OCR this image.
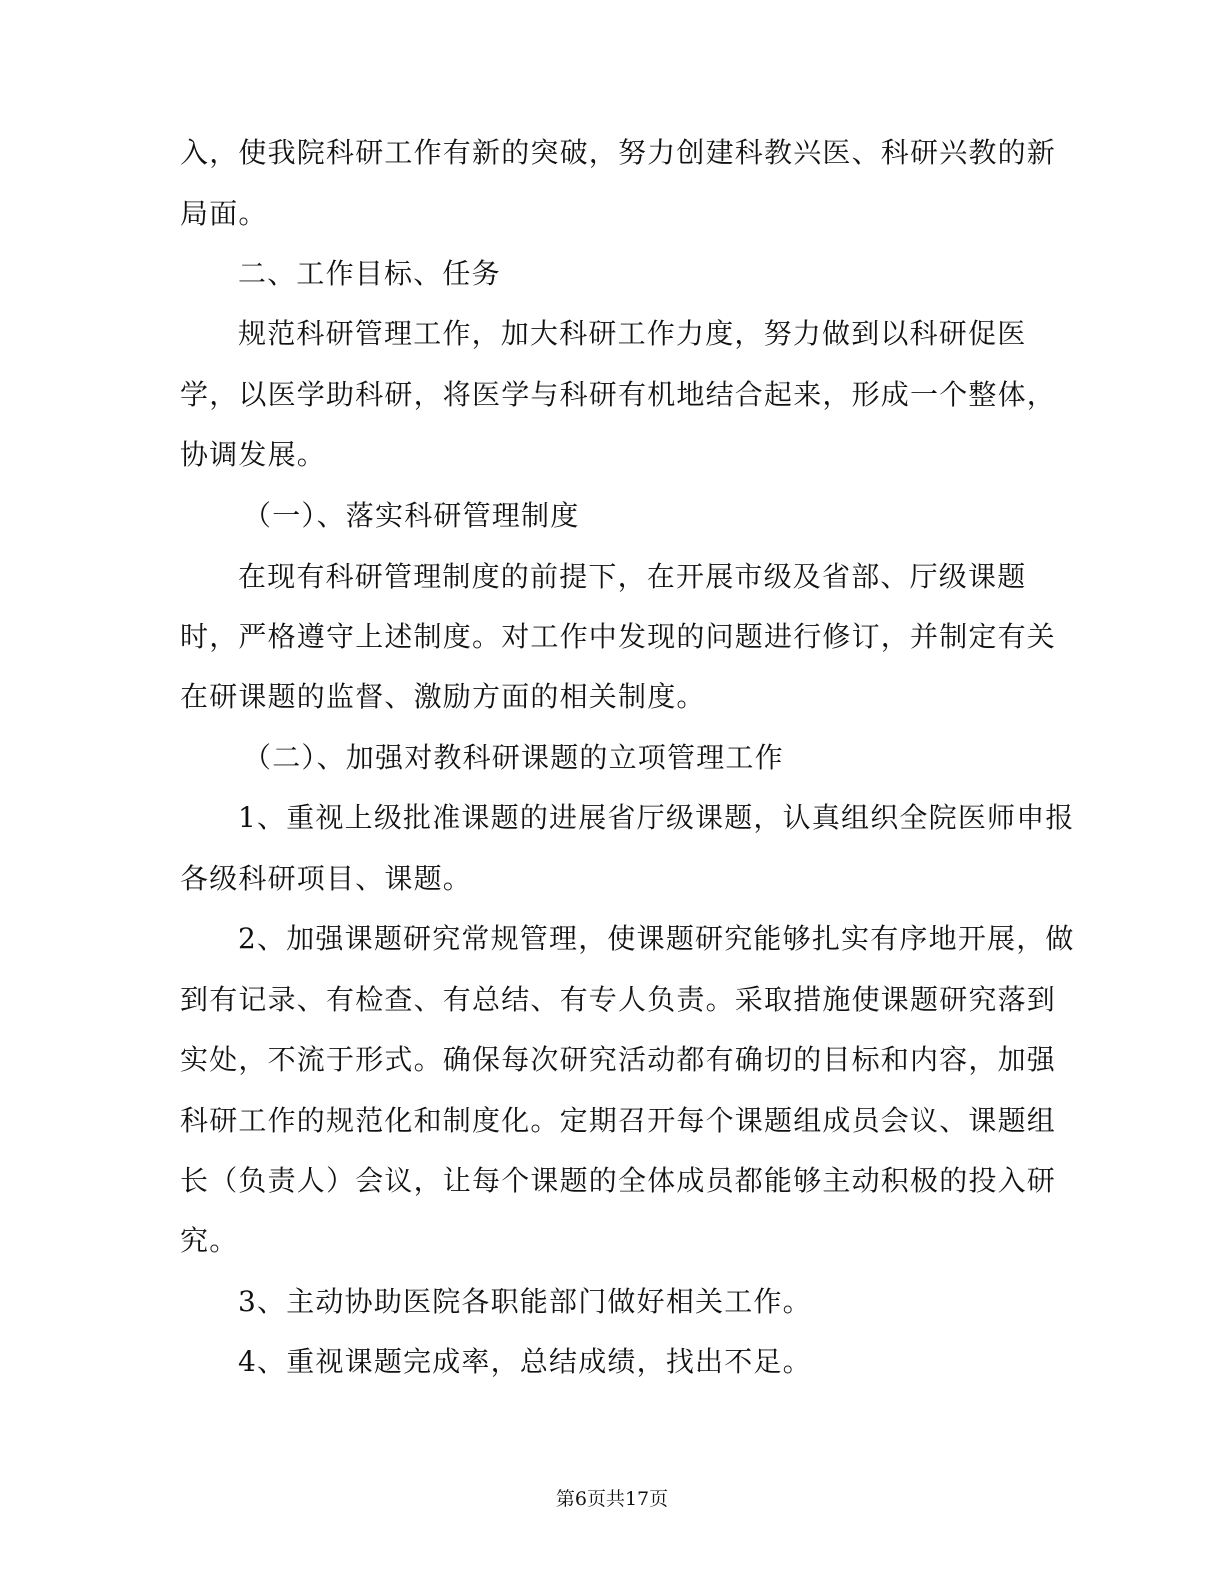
入，使我院科研工作有新的突破，努力创建科教兴医、科研兴教的新
局面。
二、工作目标、任务
规范科研管理工作，加大科研工作力度，努力做到以科研促医
学，以医学助科研，将医学与科研有机地结合起来，形成一个整体，
协调发展。
（一）、落实科研管理制度
在现有科研管理制度的前提下，在开展市级及省部、厅级课题
时，严格遵守上述制度。对工作中发现的问题进行修订，并制定有关
在研课题的监督、激励方面的相关制度。
（二）、加强对教科研课题的立项管理工作
1、重视上级批准课题的进展省厅级课题，认真组织全院医师申报
各级科研项目、课题。
2、加强课题研究常规管理，使课题研究能够扎实有序地开展，做
到有记录、有检查、有总结、有专人负责。采取措施使课题研究落到
实处，不流于形式。确保每次研究活动都有确切的目标和内容，加强
科研工作的规范化和制度化。定期召开每个课题组成员会议、课题组
长（负责人）会议，让每个课题的全体成员都能够主动积极的投入研
究。
3、主动协助医院各职能部门做好相关工作。
4、重视课题完成率，总结成绩，找出不足。
第6页共17页
